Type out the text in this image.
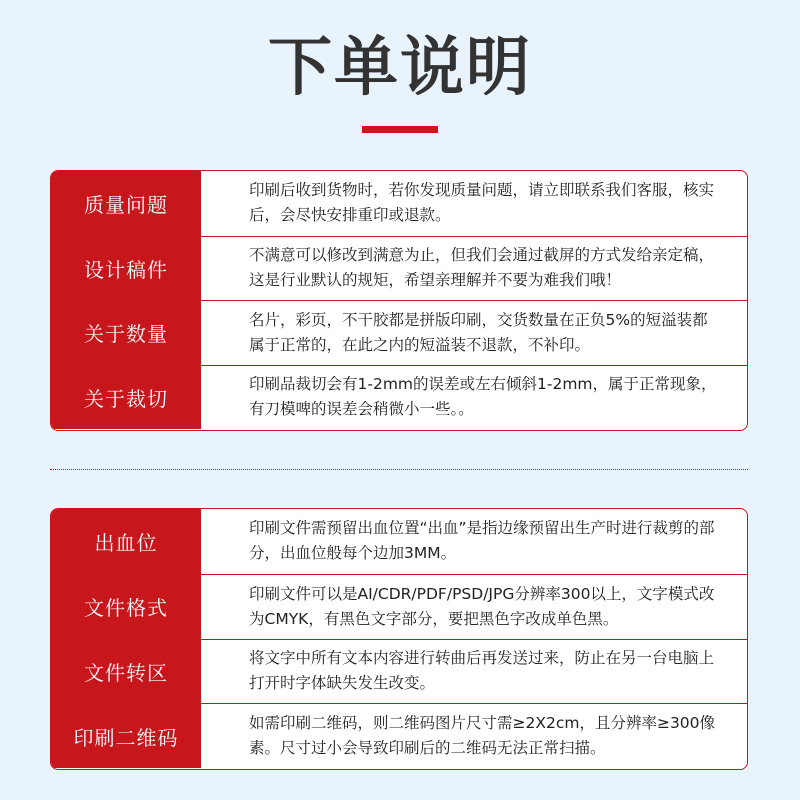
下单说明
质量问题
印刷后收到货物时，若你发现质量问题，请立即联系我们客服，核实后，会尽快安排重印或退款。
设计稿件
不满意可以修改到满意为止，但我们会通过截屏的方式发给亲定稿，这是行业默认的规矩，希望亲理解并不要为难我们哦！
关于数量
名片，彩页，不干胶都是拼版印刷，交货数量在正负5%的短溢装都属于正常的，在此之内的短溢装不退款，不补印。
关于裁切
印刷品裁切会有1-2mm的误差或左右倾斜1-2mm，属于正常现象，有刀模啤的误差会稍微小一些。。
出血位
印刷文件需预留出血位置“出血”是指边缘预留出生产时进行裁剪的部分，出血位般每个边加3MM。
文件格式
印刷文件可以是AI/CDR/PDF/PSD/JPG分辨率300以上，文字模式改为CMYK，有黑色文字部分，要把黑色字改成单色黑。
文件转区
将文字中所有文本内容进行转曲后再发送过来，防止在另一台电脑上打开时字体缺失发生改变。
印刷二维码
如需印刷二维码，则二维码图片尺寸需≥2X2cm，且分辨率≥300像素。尺寸过小会导致印刷后的二维码无法正常扫描。
